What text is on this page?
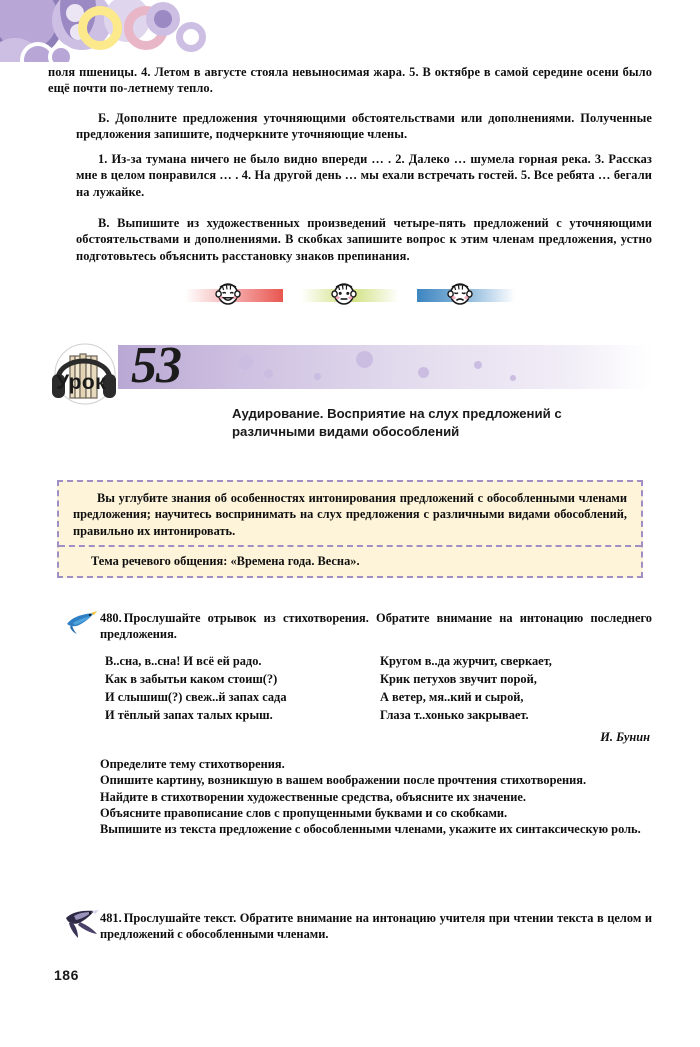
поля пшеницы. 4. Летом в августе стояла невыносимая жара. 5. В октябре в самой середине осени было ещё почти по-летнему тепло.

Б. Дополните предложения уточняющими обстоятельствами или дополнениями. Полученные предложения запишите, подчеркните уточняющие члены.

1. Из-за тумана ничего не было видно впереди … . 2. Далеко … шумела горная река. 3. Рассказ мне в целом понравился … . 4. На другой день … мы ехали встречать гостей. 5. Все ребята … бегали на лужайке.

В. Выпишите из художественных произведений четыре-пять предложений с уточняющими обстоятельствами и дополнениями. В скобках запишите вопрос к этим членам предложения, устно подготовьтесь объяснить расстановку знаков препинания.

Урок 53
Аудирование. Восприятие на слух предложений с различными видами обособлений

Вы углубите знания об особенностях интонирования предложений с обособленными членами предложения; научитесь воспринимать на слух предложения с различными видами обособлений, правильно их интонировать.

Тема речевого общения: «Времена года. Весна».

480. Прослушайте отрывок из стихотворения. Обратите внимание на интонацию последнего предложения.

В..сна, в..сна! И всё ей радо.
Как в забытьи каком стоиш(?)
И слышиш(?) свеж..й запах сада
И тёплый запах талых крыш.
Кругом в..да журчит, сверкает,
Крик петухов звучит порой,
А ветер, мя..кий и сырой,
Глаза т..хонько закрывает.
И. Бунин
Определите тему стихотворения.
Опишите картину, возникшую в вашем воображении после прочтения стихотворения.
Найдите в стихотворении художественные средства, объясните их значение.
Объясните правописание слов с пропущенными буквами и со скобками.
Выпишите из текста предложение с обособленными членами, укажите их синтаксическую роль.

481. Прослушайте текст. Обратите внимание на интонацию учителя при чтении текста в целом и предложений с обособленными членами.

186
